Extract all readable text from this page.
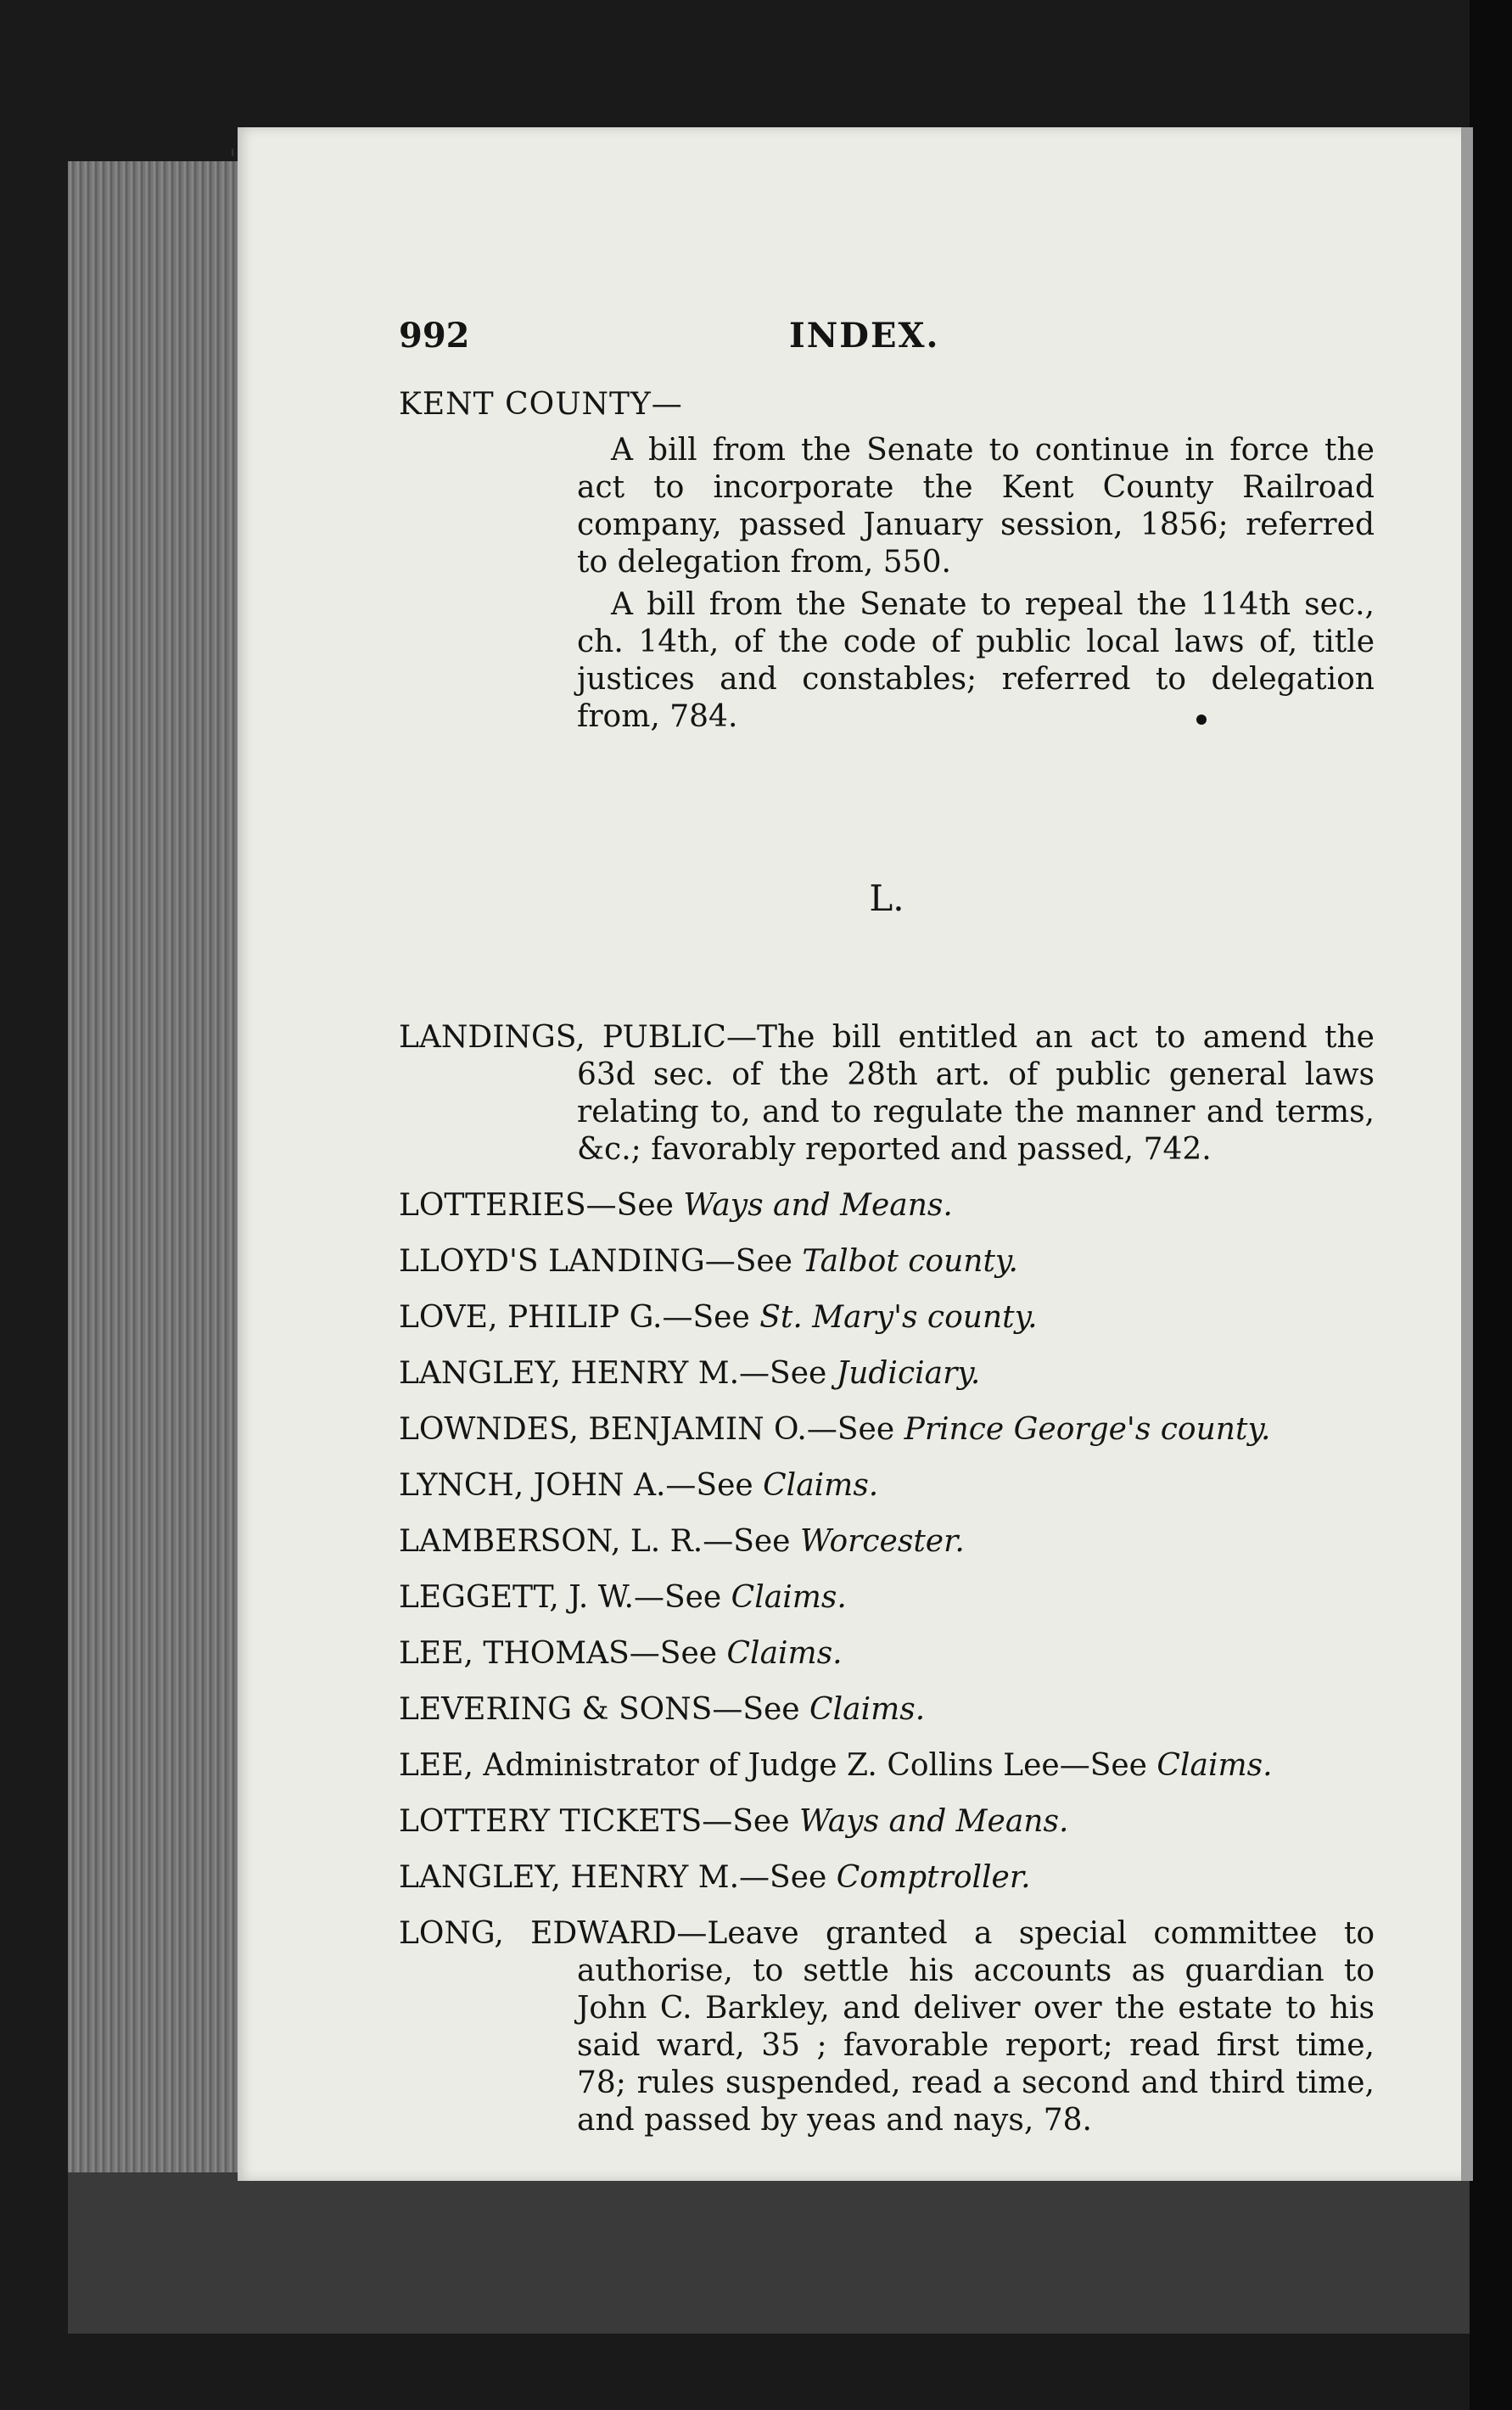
'
992	INDEX.
KENT COUNTY—
A bill from the Senate to continue in force the act to incorporate the Kent County Railroad company, passed January session, 1856; referred to delegation from, 550.
A bill from the Senate to repeal the 114th sec., ch. 14th, of the code of public local laws of, title justices and constables; referred to delegation from, 784.
L.
LANDINGS, PUBLIC—The bill entitled an act to amend the 63d sec. of the 28th art. of public general laws relating to, and to regulate the manner and terms, &c.; favorably reported and passed, 742.
LOTTERIES—See Ways and Means.
LLOYD'S LANDING—See Talbot county.
LOVE, PHILIP G.—See St. Mary's county.
LANGLEY, HENRY M.—See Judiciary.
LOWNDES, BENJAMIN O.—See Prince George's county.
LYNCH, JOHN A.—See Claims.
LAMBERSON, L. R.—See Worcester.
LEGGETT, J. W.—See Claims.
LEE, THOMAS—See Claims.
LEVERING & SONS—See Claims.
LEE, Administrator of Judge Z. Collins Lee—See Claims.
LOTTERY TICKETS—See Ways and Means.
LANGLEY, HENRY M.—See Comptroller.
LONG, EDWARD—Leave granted a special committee to authorise, to settle his accounts as guardian to John C. Barkley, and deliver over the estate to his said ward, 35 ; favorable report; read first time, 78; rules suspended, read a second and third time, and passed by yeas and nays, 78.
